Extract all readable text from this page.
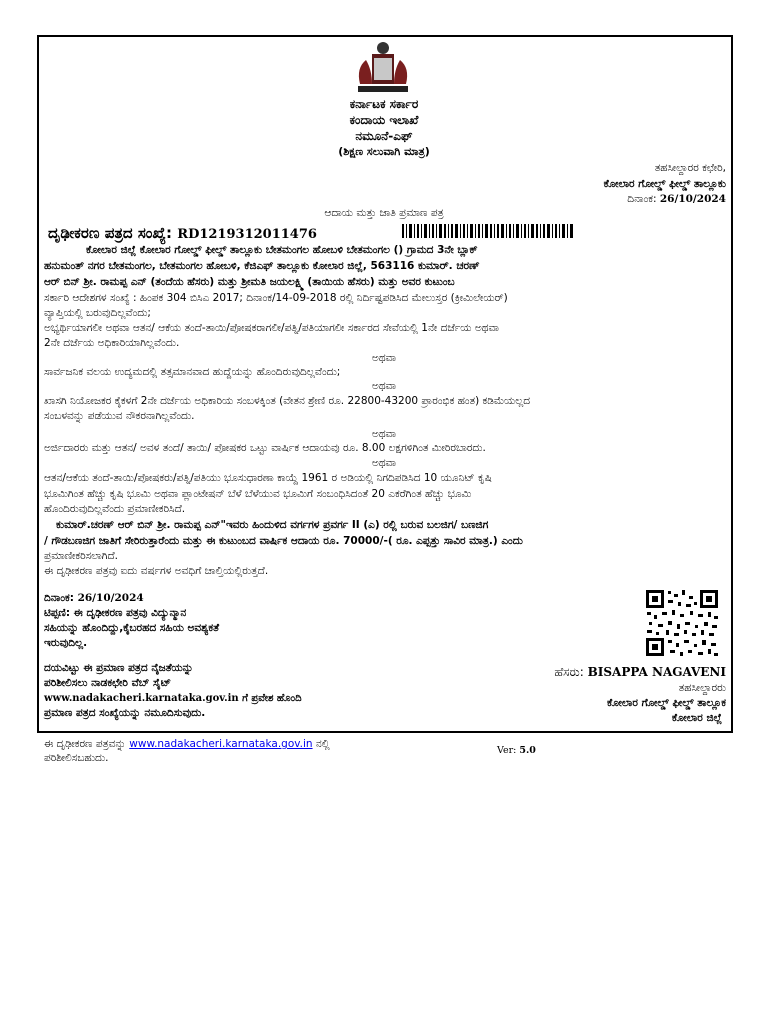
ಕರ್ನಾಟಕ ಸರ್ಕಾರ
ಕಂದಾಯ ಇಲಾಖೆ
ನಮೂನೆ-ಎಫ್
(ಶಿಕ್ಷಣ ಸಲುವಾಗಿ ಮಾತ್ರ)
ತಹಸೀಲ್ದಾರರ ಕಛೇರಿ,
ಕೋಲಾರ ಗೋಲ್ಡ್ ಫೀಲ್ಡ್ ತಾಲ್ಲೂಕು
ದಿನಾಂಕ: 26/10/2024
ಆದಾಯ ಮತ್ತು ಜಾತಿ ಪ್ರಮಾಣ ಪತ್ರ
ದೃಢೀಕರಣ ಪತ್ರದ ಸಂಖ್ಯೆ: RD1219312011476
ಕೋಲಾರ ಜಿಲ್ಲೆ ಕೋಲಾರ ಗೋಲ್ಡ್ ಫೀಲ್ಡ್ ತಾಲ್ಲೂಕು ಬೇತಮಂಗಲ ಹೋಬಳಿ ಬೇತಮಂಗಲ () ಗ್ರಾಮದ 3ನೇ ಬ್ಲಾಕ್
ಹನುಮಂತ್ ನಗರ ಬೇತಮಂಗಲ, ಬೇತಮಂಗಲ ಹೋಬಳಿ, ಕೆಜಿಎಫ್ ತಾಲ್ಲೂಕು ಕೋಲಾರ ಜಿಲ್ಲೆ, 563116 ಕುಮಾರ್. ಚರಣ್
ಆರ್ ಬಿನ್ ಶ್ರೀ. ರಾಮಪ್ಪ ಎನ್ (ತಂದೆಯ ಹೆಸರು) ಮತ್ತು ಶ್ರೀಮತಿ ಜಯಲಕ್ಷ್ಮಿ (ತಾಯಿಯ ಹೆಸರು) ಮತ್ತು ಅವರ ಕುಟುಂಬ
ಸರ್ಕಾರಿ ಆದೇಶಗಳ ಸಂಖ್ಯೆ : ಹಿಂಪಕ 304 ಬಿಸಿಎ 2017; ದಿನಾಂಕ/14-09-2018 ರಲ್ಲಿ ನಿರ್ದಿಷ್ಟಪಡಿಸಿದ ಮೇಲುಸ್ತರ (ಕ್ರೀಮಿಲೇಯರ್)
ವ್ಯಾಪ್ತಿಯಲ್ಲಿ ಬರುವುದಿಲ್ಲವೆಂದು;
ಅಭ್ಯರ್ಥಿಯಾಗಲೀ ಅಥವಾ ಆತನ/ ಆಕೆಯ ತಂದೆ-ತಾಯಿ/ಪೋಷಕರಾಗಲೀ/ಪತ್ನಿ/ಪತಿಯಾಗಲೀ ಸರ್ಕಾರದ ಸೇವೆಯಲ್ಲಿ 1ನೇ ದರ್ಜೆಯ ಅಥವಾ
2ನೇ ದರ್ಜೆಯ ಅಧಿಕಾರಿಯಾಗಿಲ್ಲವೆಂದು.
ಅಥವಾ
ಸಾರ್ವಜನಿಕ ವಲಯ ಉದ್ಯಮದಲ್ಲಿ ತತ್ಸಮಾನವಾದ ಹುದ್ದೆಯನ್ನು ಹೊಂದಿರುವುದಿಲ್ಲವೆಂದು;
ಅಥವಾ
ಖಾಸಗಿ ನಿಯೋಜಕರ ಕೈಕಳಗೆ 2ನೇ ದರ್ಜೆಯ ಅಧಿಕಾರಿಯ ಸಂಬಳಕ್ಕಿಂತ (ವೇತನ ಶ್ರೇಣಿ ರೂ. 22800-43200 ಪ್ರಾರಂಭಿಕ ಹಂತ) ಕಡಿಮೆಯಲ್ಲದ
ಸಂಬಳವನ್ನು ಪಡೆಯುವ ನೌಕರನಾಗಿಲ್ಲವೆಂದು.
ಅಥವಾ
ಅರ್ಜಿದಾರರು ಮತ್ತು ಆತನ/ ಅವಳ ತಂದೆ/ ತಾಯಿ/ ಪೋಷಕರ ಒಟ್ಟು ವಾರ್ಷಿಕ ಆದಾಯವು ರೂ. 8.00 ಲಕ್ಷಗಳಿಗಿಂತ ಮೀರಿರಬಾರದು.
ಅಥವಾ
ಆತನ/ಆಕೆಯ ತಂದೆ-ತಾಯಿ/ಪೋಷಕರು/ಪತ್ನಿ/ಪತಿಯು ಭೂಸುಧಾರಣಾ ಕಾಯ್ದೆ 1961 ರ ಅಡಿಯಲ್ಲಿ ನಿಗದಿಪಡಿಸಿದ 10 ಯೂನಿಟ್ ಕೃಷಿ
ಭೂಮಿಗಿಂತ ಹೆಚ್ಚು ಕೃಷಿ ಭೂಮಿ ಅಥವಾ ಪ್ಲಾಂಟೇಷನ್ ಬೆಳೆ ಬೆಳೆಯುವ ಭೂಮಿಗೆ ಸಂಬಂಧಿಸಿದಂತೆ 20 ಎಕರೆಗಿಂತ ಹೆಚ್ಚು ಭೂಮಿ
ಹೊಂದಿರುವುದಿಲ್ಲವೆಂದು ಪ್ರಮಾಣೀಕರಿಸಿದೆ.
ಕುಮಾರ್.ಚರಣ್ ಆರ್ ಬಿನ್ ಶ್ರೀ. ರಾಮಪ್ಪ ಎನ್"ಇವರು ಹಿಂದುಳಿದ ವರ್ಗಗಳ ಪ್ರವರ್ಗ II (ಎ) ರಲ್ಲಿ ಬರುವ ಬಲಜಿಗ/ ಬಣಜಿಗ
/ ಗೌಡಬಣಜಿಗ ಜಾತಿಗೆ ಸೇರಿರುತ್ತಾರೆಂದು ಮತ್ತು ಈ ಕುಟುಂಬದ ವಾರ್ಷಿಕ ಆದಾಯ ರೂ. 70000/-( ರೂ. ಎಪ್ಪತ್ತು ಸಾವಿರ ಮಾತ್ರ.) ಎಂದು
ಪ್ರಮಾಣೀಕರಿಸಲಾಗಿದೆ.
ಈ ದೃಢೀಕರಣ ಪತ್ರವು ಐದು ವರ್ಷಗಳ ಅವಧಿಗೆ ಚಾಲ್ತಿಯಲ್ಲಿರುತ್ತದೆ.
ದಿನಾಂಕ: 26/10/2024
ಟಿಪ್ಪಣಿ: ಈ ದೃಢೀಕರಣ ಪತ್ರವು ವಿದ್ಯುನ್ಮಾನ
ಸಹಿಯನ್ನು ಹೊಂದಿದ್ದು,ಕೈಬರಹದ ಸಹಿಯ ಅವಶ್ಯಕತೆ
ಇರುವುದಿಲ್ಲ.
ದಯವಿಟ್ಟು ಈ ಪ್ರಮಾಣ ಪತ್ರದ ನೈಜತೆಯನ್ನು
ಪರಿಶೀಲಿಸಲು ನಾಡಕಛೇರಿ ವೆಬ್ ಸೈಟ್
www.nadakacheri.karnataka.gov.in ಗೆ ಪ್ರವೇಶ ಹೊಂದಿ
ಪ್ರಮಾಣ ಪತ್ರದ ಸಂಖ್ಯೆಯನ್ನು ನಮೂದಿಸುವುದು.
ಹೆಸರು: BISAPPA NAGAVENI
ತಹಸೀಲ್ದಾರರು
ಕೋಲಾರ ಗೋಲ್ಡ್ ಫೀಲ್ಡ್ ತಾಲ್ಲೂಕ
ಕೋಲಾರ ಜಿಲ್ಲೆ
ಈ ದೃಢೀಕರಣ ಪತ್ರವನ್ನು www.nadakacheri.karnataka.gov.in ನಲ್ಲಿ
ಪರಿಶೀಲಿಸಬಹುದು.
Ver: 5.0
